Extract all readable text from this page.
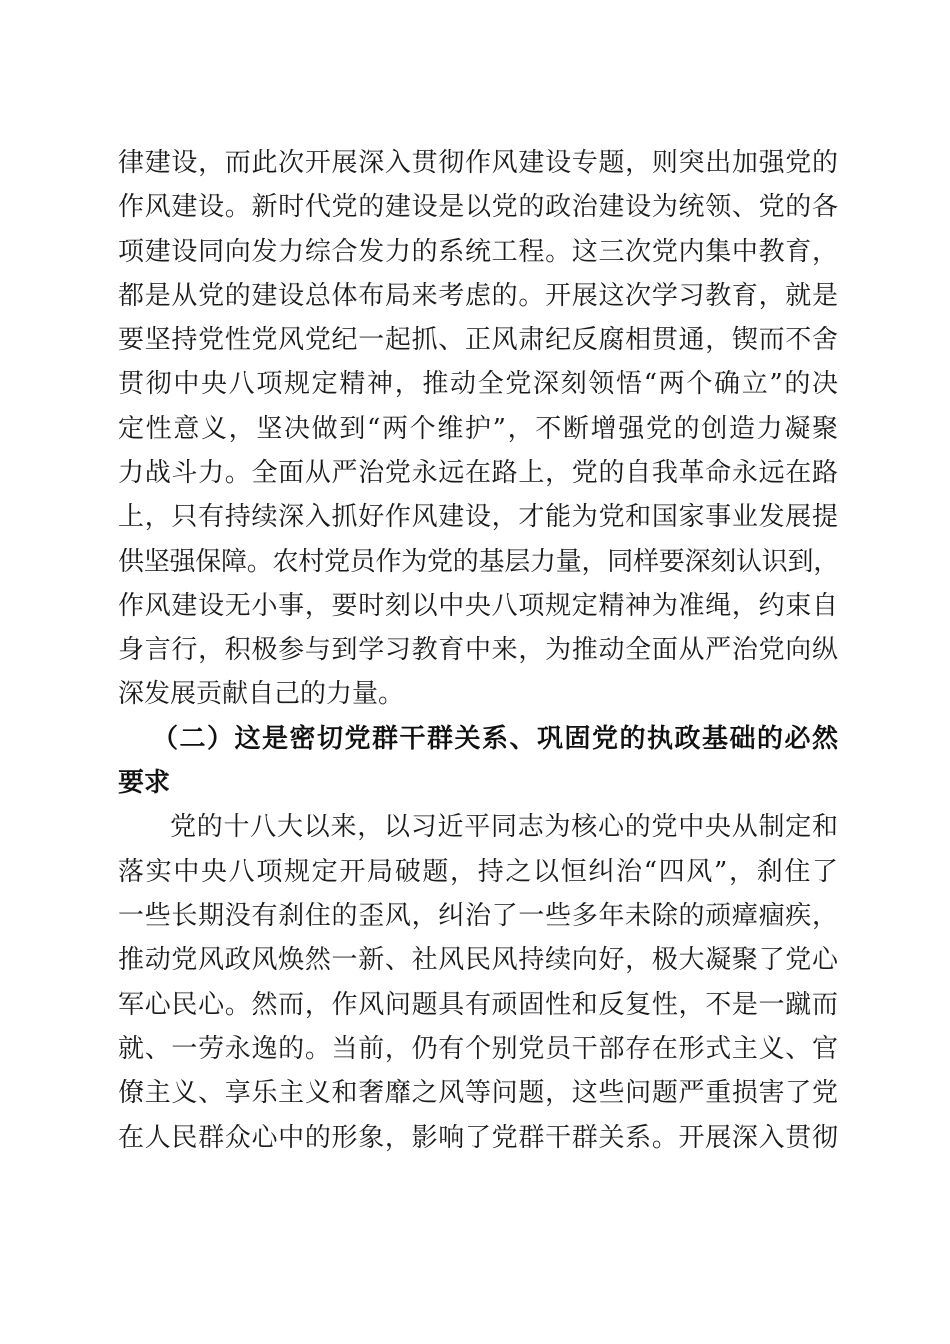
律建设，而此次开展深入贯彻作风建设专题，则突出加强党的
作风建设。新时代党的建设是以党的政治建设为统领、党的各
项建设同向发力综合发力的系统工程。这三次党内集中教育，
都是从党的建设总体布局来考虑的。开展这次学习教育，就是
要坚持党性党风党纪一起抓、正风肃纪反腐相贯通，锲而不舍
贯彻中央八项规定精神，推动全党深刻领悟“两个确立”的决
定性意义，坚决做到“两个维护”，不断增强党的创造力凝聚
力战斗力。全面从严治党永远在路上，党的自我革命永远在路
上，只有持续深入抓好作风建设，才能为党和国家事业发展提
供坚强保障。农村党员作为党的基层力量，同样要深刻认识到，
作风建设无小事，要时刻以中央八项规定精神为准绳，约束自
身言行，积极参与到学习教育中来，为推动全面从严治党向纵
深发展贡献自己的力量。
（二）这是密切党群干群关系、巩固党的执政基础的必然
要求
党的十八大以来，以习近平同志为核心的党中央从制定和
落实中央八项规定开局破题，持之以恒纠治“四风”，刹住了
一些长期没有刹住的歪风，纠治了一些多年未除的顽瘴痼疾，
推动党风政风焕然一新、社风民风持续向好，极大凝聚了党心
军心民心。然而，作风问题具有顽固性和反复性，不是一蹴而
就、一劳永逸的。当前，仍有个别党员干部存在形式主义、官
僚主义、享乐主义和奢靡之风等问题，这些问题严重损害了党
在人民群众心中的形象，影响了党群干群关系。开展深入贯彻
